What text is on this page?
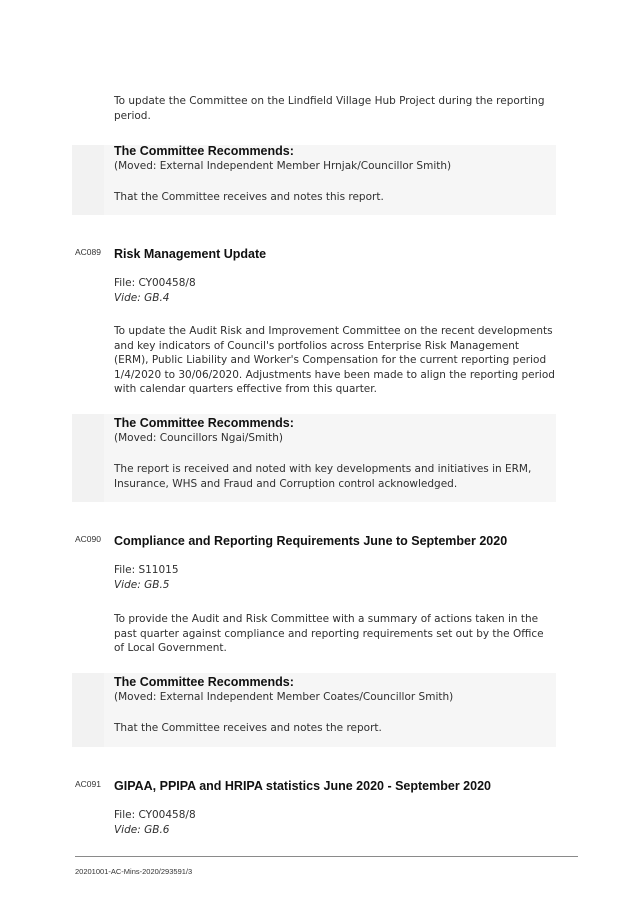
To update the Committee on the Lindfield Village Hub Project during the reporting
period.
The Committee Recommends:
(Moved: External Independent Member Hrnjak/Councillor Smith)
That the Committee receives and notes this report.
AC089 Risk Management Update
File: CY00458/8
Vide: GB.4
To update the Audit Risk and Improvement Committee on the recent developments
and key indicators of Council's portfolios across Enterprise Risk Management
(ERM), Public Liability and Worker's Compensation for the current reporting period
1/4/2020 to 30/06/2020. Adjustments have been made to align the reporting period
with calendar quarters effective from this quarter.
The Committee Recommends:
(Moved: Councillors Ngai/Smith)
The report is received and noted with key developments and initiatives in ERM,
Insurance, WHS and Fraud and Corruption control acknowledged.
AC090 Compliance and Reporting Requirements June to September 2020
File: S11015
Vide: GB.5
To provide the Audit and Risk Committee with a summary of actions taken in the
past quarter against compliance and reporting requirements set out by the Office
of Local Government.
The Committee Recommends:
(Moved: External Independent Member Coates/Councillor Smith)
That the Committee receives and notes the report.
AC091 GIPAA, PPIPA and HRIPA statistics June 2020 - September 2020
File: CY00458/8
Vide: GB.6
20201001-AC-Mins-2020/293591/3
